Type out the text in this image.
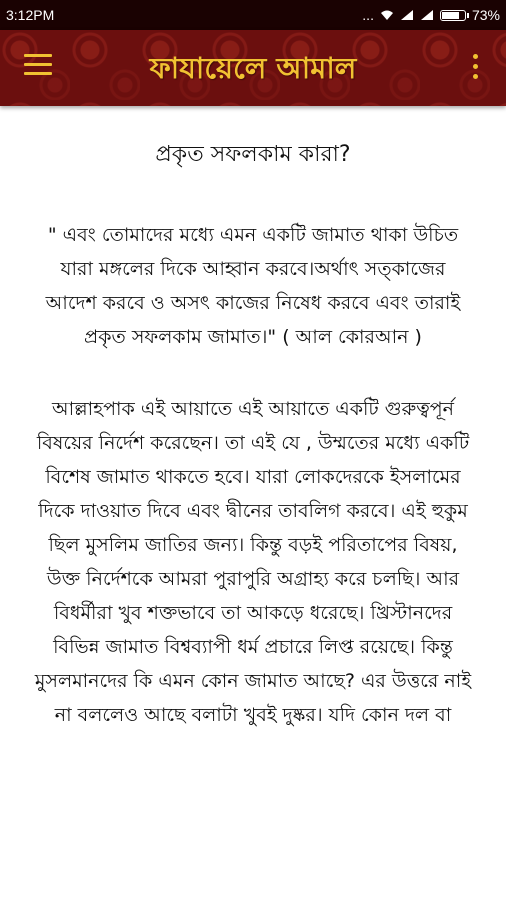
3:12PM	...	73%
ফাযায়েলে আমাল
প্রকৃত সফলকাম কারা?

" এবং তোমাদের মধ্যে এমন একটি জামাত থাকা উচিত যারা মঙ্গলের দিকে আহ্বান করবে।অর্থাৎ সত্কাজের আদেশ করবে ও অসৎ কাজের নিষেধ করবে এবং তারাই প্রকৃত সফলকাম জামাত।" ( আল কোরআন )

আল্লাহপাক এই আয়াতে এই আয়াতে একটি গুরুত্বপূর্ন বিষয়ের নির্দেশ করেছেন। তা এই যে , উম্মতের মধ্যে একটি বিশেষ জামাত থাকতে হবে। যারা লোকদেরকে ইসলামের দিকে দাওয়াত দিবে এবং দ্বীনের তাবলিগ করবে। এই হুকুম ছিল মুসলিম জাতির জন্য। কিন্তু বড়ই পরিতাপের বিষয়, উক্ত নির্দেশকে আমরা পুরাপুরি অগ্রাহ্য করে চলছি। আর বিধর্মীরা খুব শক্তভাবে তা আকড়ে ধরেছে। খ্রিস্টানদের বিভিন্ন জামাত বিশ্বব্যাপী ধর্ম প্রচারে লিপ্ত রয়েছে। কিন্তু মুসলমানদের কি এমন কোন জামাত আছে? এর উত্তরে নাই না বললেও আছে বলাটা খুবই দুষ্কর। যদি কোন দল বা
